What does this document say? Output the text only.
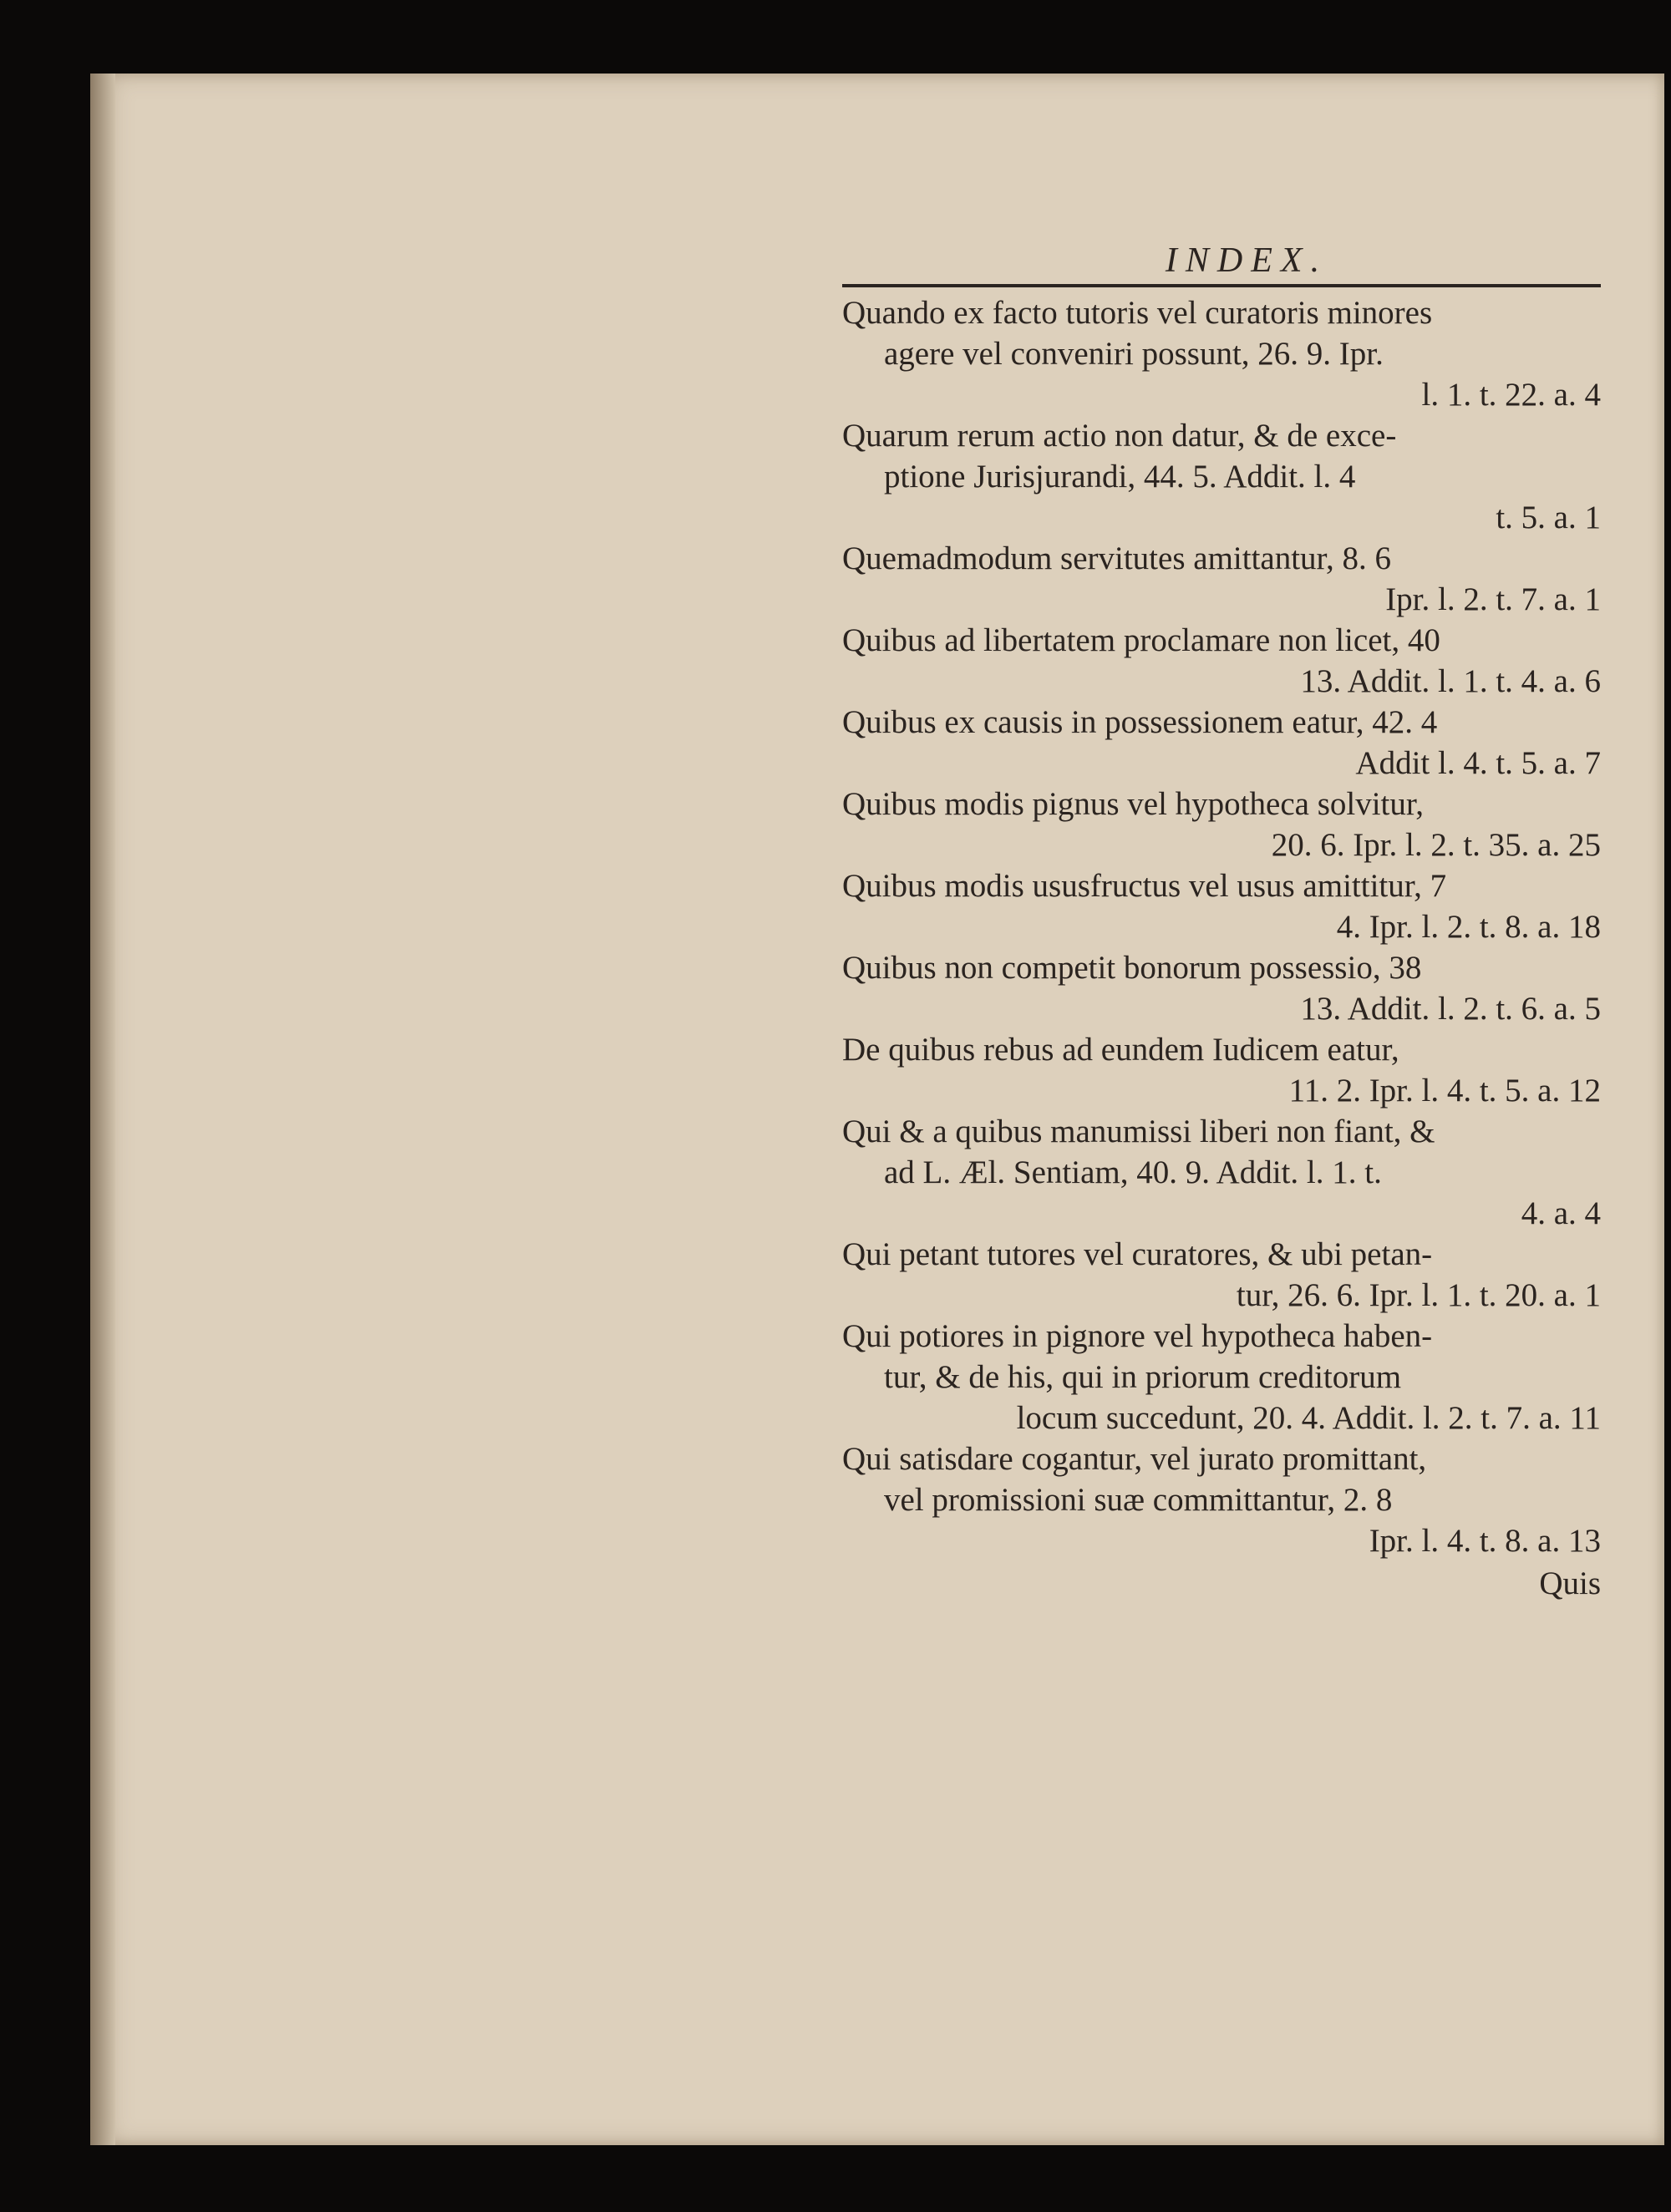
INDEX.
Quando ex facto tutoris vel curatoris minores
agere vel conveniri possunt, 26. 9. Ipr.
l. 1. t. 22. a. 4
Quarum rerum actio non datur, & de exce-
ptione Jurisjurandi, 44. 5. Addit. l. 4
t. 5. a. 1
Quemadmodum servitutes amittantur, 8. 6
Ipr. l. 2. t. 7. a. 1
Quibus ad libertatem proclamare non licet, 40
13. Addit. l. 1. t. 4. a. 6
Quibus ex causis in possessionem eatur, 42. 4
Addit l. 4. t. 5. a. 7
Quibus modis pignus vel hypotheca solvitur,
20. 6. Ipr. l. 2. t. 35. a. 25
Quibus modis ususfructus vel usus amittitur, 7
4. Ipr. l. 2. t. 8. a. 18
Quibus non competit bonorum possessio, 38
13. Addit. l. 2. t. 6. a. 5
De quibus rebus ad eundem Iudicem eatur,
11. 2. Ipr. l. 4. t. 5. a. 12
Qui & a quibus manumissi liberi non fiant, &
ad L. Æl. Sentiam, 40. 9. Addit. l. 1. t.
4. a. 4
Qui petant tutores vel curatores, & ubi petan-
tur, 26. 6. Ipr. l. 1. t. 20. a. 1
Qui potiores in pignore vel hypotheca haben-
tur, & de his, qui in priorum creditorum
locum succedunt, 20. 4. Addit. l. 2. t. 7. a. 11
Qui satisdare cogantur, vel jurato promittant,
vel promissioni suæ committantur, 2. 8
Ipr. l. 4. t. 8. a. 13
Quis
